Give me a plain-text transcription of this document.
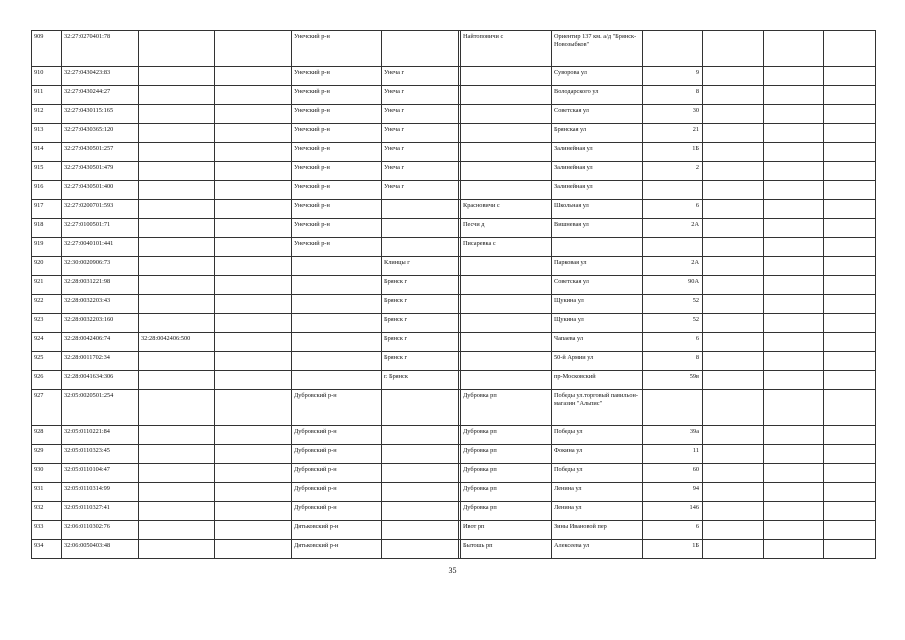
909	32:27:0270401:78			Унечский р-н			Найтоповичи с	Ориентир 137 км. а/д "Брянск-Новозыбков"				
910	32:27:0430423:83			Унечский р-н	Унеча г			Суворова ул	9			
911	32:27:0430244:27			Унечский р-н	Унеча г			Володарского ул	8			
912	32:27:0430115:165			Унечский р-н	Унеча г			Советская ул	30			
913	32:27:0430365:120			Унечский р-н	Унеча г			Брянская ул	21			
914	32:27:0430501:257			Унечский р-н	Унеча г			Залинейная ул	1Б			
915	32:27:0430501:479			Унечский р-н	Унеча г			Залинейная ул	2			
916	32:27:0430501:400			Унечский р-н	Унеча г			Залинейная ул				
917	32:27:0200701:593			Унечский р-н			Красновичи с	Школьная ул	6			
918	32:27:0100501:71			Унечский р-н			Песчи д	Вишневая ул	2А			
919	32:27:0040101:441			Унечский р-н			Писаревка с					
920	32:30:0020906:73				Клинцы г			Парковая ул	2А			
921	32:28:0031221:98				Брянск г			Советская ул	90А			
922	32:28:0032203:43				Брянск г			Щукина ул	52			
923	32:28:0032203:160				Брянск г			Щукина ул	52			
924	32:28:0042406:74	32:28:0042406:500			Брянск г			Чапаева ул	6			
925	32:28:0011702:34				Брянск г			50-й Армии ул	8			
926	32:28:0041634:306				г. Брянск			пр-Московский	59в			
927	32:05:0020501:254			Дубровский р-н			Дубровка рп	Победы ул.торговый павильон- магазин "Альпис"				
928	32:05:0110221:84			Дубровский р-н			Дубровка рп	Победы ул	39а			
929	32:05:0110323:45			Дубровский р-н			Дубровка рп	Фокина ул	11			
930	32:05:0110104:47			Дубровский р-н			Дубровка рп	Победы ул	60			
931	32:05:0110314:99			Дубровский р-н			Дубровка рп	Ленина ул	94			
932	32:05:0110327:41			Дубровский р-н			Дубровка рп	Ленина ул	146			
933	32:06:0110302:76			Дятьковский р-н			Ивот рп	Зины Ивановой пер	6			
934	32:06:0050403:48			Дятьковский р-н			Бытошь рп	Алексеева ул	1Б			
35
